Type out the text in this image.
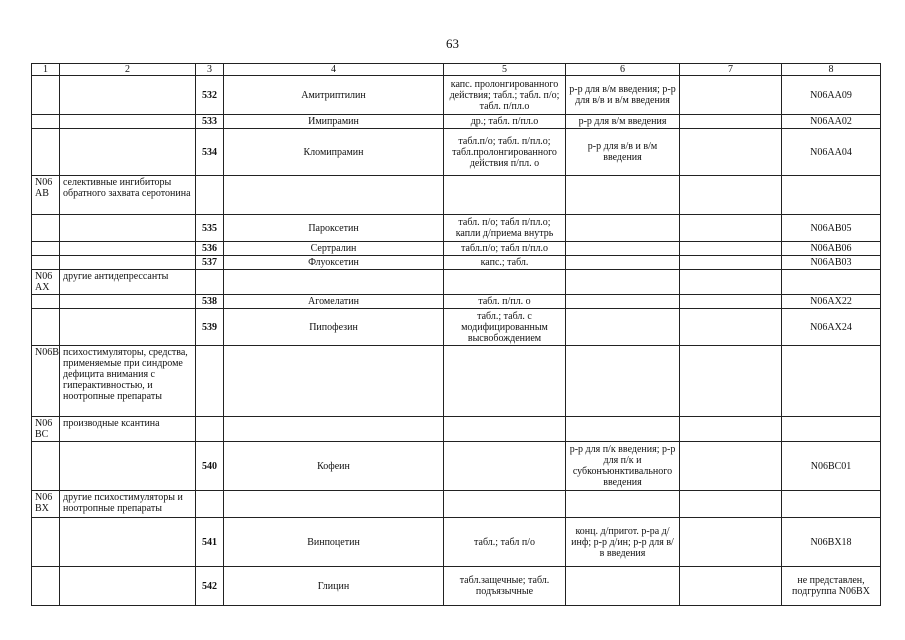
63
1	2	3	4	5	6	7	8
		532	Амитриптилин	капс. пролонгированного действия; табл.; табл. п/о; табл. п/пл.о	р-р для в/м введения; р-р для в/в и в/м введения		N06AA09
		533	Имипрамин	др.; табл. п/пл.о	р-р для в/м введения		N06AA02
		534	Кломипрамин	табл.п/о; табл. п/пл.о; табл.пролонгированного действия п/пл. о	р-р для в/в и в/м введения		N06AA04
N06AB	селективные ингибиторы обратного захвата серотонина						
		535	Пароксетин	табл. п/о; табл п/пл.о; капли д/приема внутрь			N06AB05
		536	Сертралин	табл.п/о; табл п/пл.о			N06AB06
		537	Флуоксетин	капс.; табл.			N06AB03
N06AX	другие антидепрессанты						
		538	Агомелатин	табл. п/пл. о			N06AX22
		539	Пипофезин	табл.; табл. с модифицированным высвобождением			N06AX24
N06B	психостимуляторы, средства, применяемые при синдроме дефицита внимания с гиперактивностью, и ноотропные препараты						
N06BC	производные ксантина						
		540	Кофеин		р-р для п/к введения; р-р для п/к и субконъюнктивального введения		N06BC01
N06BX	другие психостимуляторы и ноотропные препараты						
		541	Винпоцетин	табл.; табл п/о	конц. д/пригот. р-ра д/инф; р-р д/ин; р-р для в/в введения		N06BX18
		542	Глицин	табл.защечные; табл. подъязычные			не представлен, подгруппа N06BX
